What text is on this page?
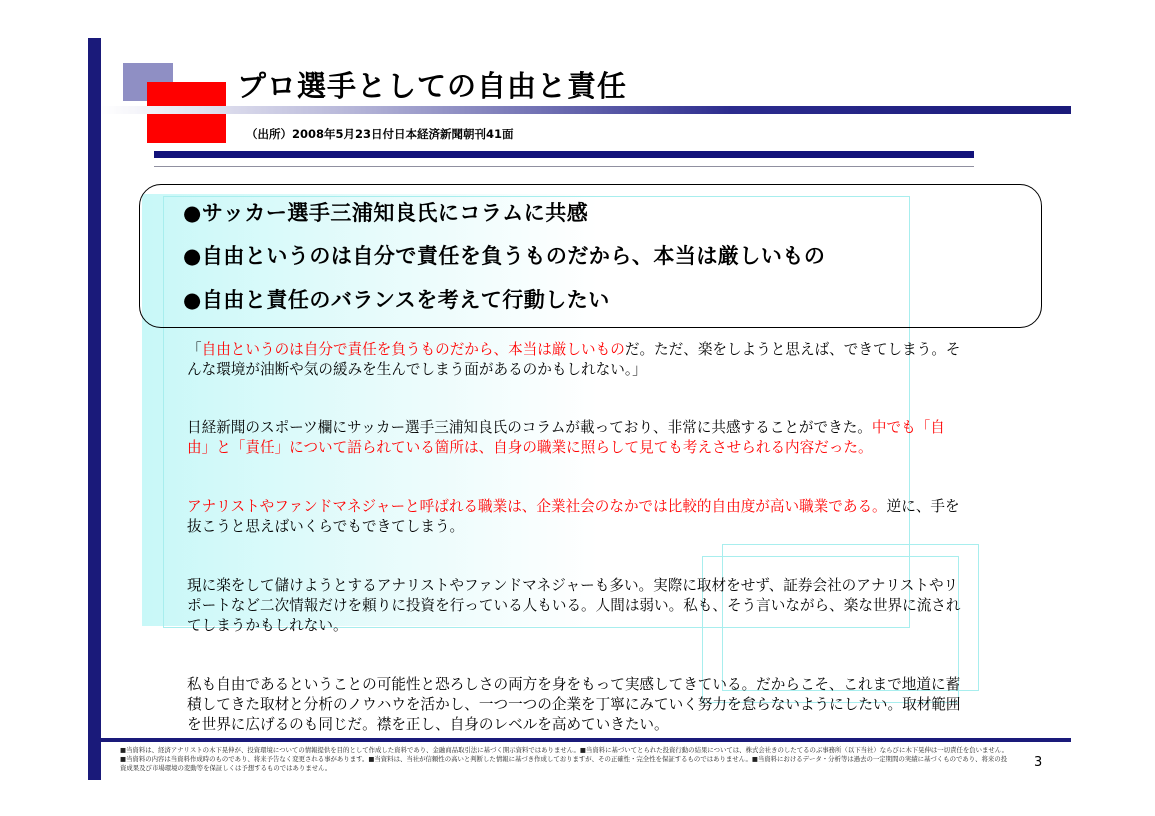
プロ選手としての自由と責任
（出所）2008年5月23日付日本経済新聞朝刊41面
●サッカー選手三浦知良氏にコラムに共感
●自由というのは自分で責任を負うものだから、本当は厳しいもの
●自由と責任のバランスを考えて行動したい
「自由というのは自分で責任を負うものだから、本当は厳しいものだ。ただ、楽をしようと思えば、できてしまう。そんな環境が油断や気の緩みを生んでしまう面があるのかもしれない。」
日経新聞のスポーツ欄にサッカー選手三浦知良氏のコラムが載っており、非常に共感することができた。中でも「自由」と「責任」について語られている箇所は、自身の職業に照らして見ても考えさせられる内容だった。
アナリストやファンドマネジャーと呼ばれる職業は、企業社会のなかでは比較的自由度が高い職業である。逆に、手を抜こうと思えばいくらでもできてしまう。
現に楽をして儲けようとするアナリストやファンドマネジャーも多い。実際に取材をせず、証券会社のアナリストやリポートなど二次情報だけを頼りに投資を行っている人もいる。人間は弱い。私も、そう言いながら、楽な世界に流されてしまうかもしれない。
私も自由であるということの可能性と恐ろしさの両方を身をもって実感してきている。だからこそ、これまで地道に蓄積してきた取材と分析のノウハウを活かし、一つ一つの企業を丁寧にみていく努力を怠らないようにしたい。取材範囲を世界に広げるのも同じだ。襟を正し、自身のレベルを高めていきたい。
■当資料は、経済アナリストの木下晃伸が、投資環境についての情報提供を目的として作成した資料であり、金融商品取引法に基づく開示資料ではありません。■当資料に基づいてとられた投資行動の結果については、株式会社きのしたてるのぶ事務所（以下当社）ならびに木下晃伸は一切責任を負いません。■当資料の内容は当資料作成時のものであり、将来予告なく変更される事があります。■当資料は、当社が信頼性の高いと判断した情報に基づき作成しておりますが、その正確性・完全性を保証するものではありません。■当資料におけるデータ・分析等は過去の一定期間の実績に基づくものであり、将来の投資成果及び市場環境の変動等を保証しくは予想するものではありません。	3
